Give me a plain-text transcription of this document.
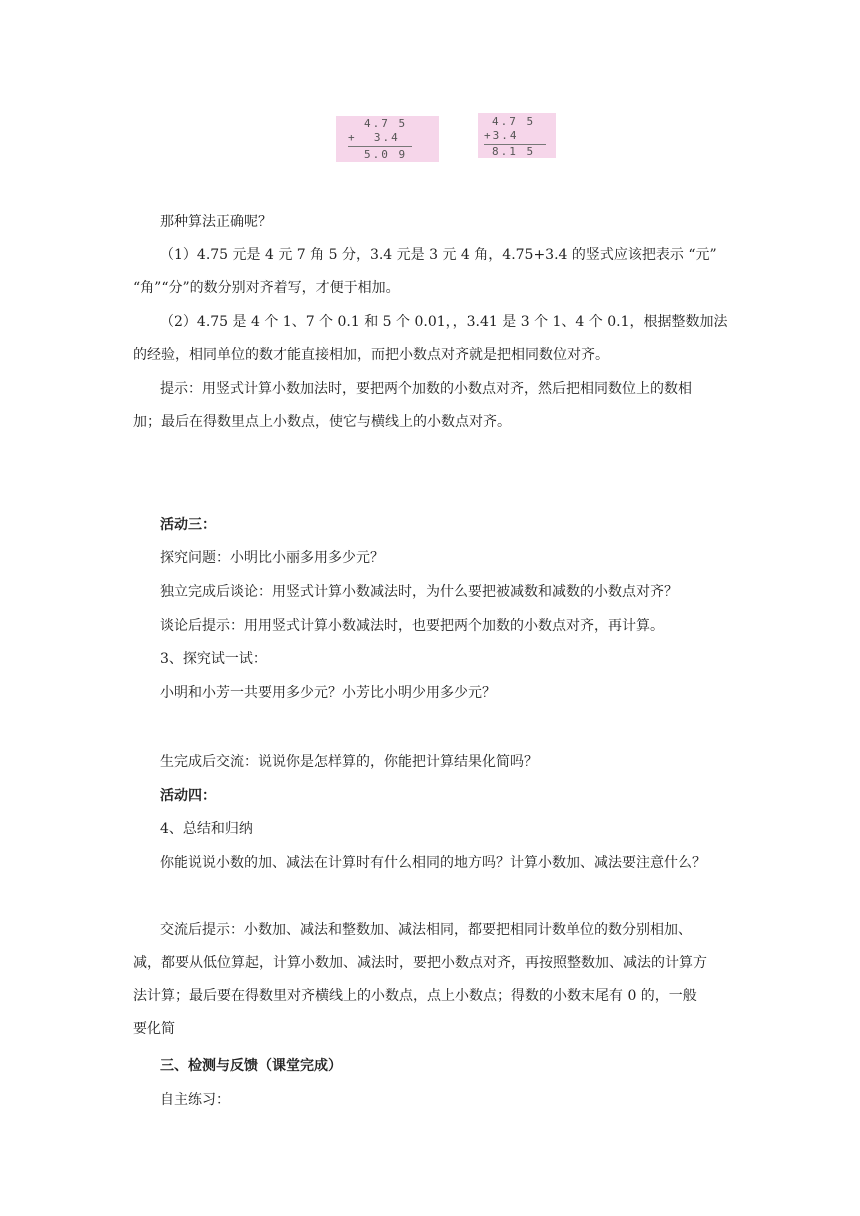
4.7 5
+  3.4
5.0 9
4.7 5
+3.4
8.1 5
那种算法正确呢？
（1）4.75 元是 4 元 7 角 5 分，3.4 元是 3 元 4 角，4.75+3.4 的竖式应该把表示 “元”
“角”“分”的数分别对齐着写，才便于相加。
（2）4.75 是 4 个 1、7 个 0.1 和 5 个 0.01，，3.41 是 3 个 1、4 个 0.1，根据整数加法
的经验，相同单位的数才能直接相加，而把小数点对齐就是把相同数位对齐。
提示：用竖式计算小数加法时，要把两个加数的小数点对齐，然后把相同数位上的数相
加；最后在得数里点上小数点，使它与横线上的小数点对齐。
活动三：
探究问题：小明比小丽多用多少元？
独立完成后谈论：用竖式计算小数减法时，为什么要把被减数和减数的小数点对齐？
谈论后提示：用用竖式计算小数减法时，也要把两个加数的小数点对齐，再计算。
3、探究试一试：
小明和小芳一共要用多少元？小芳比小明少用多少元？
生完成后交流：说说你是怎样算的，你能把计算结果化简吗？
活动四：
4、总结和归纳
你能说说小数的加、减法在计算时有什么相同的地方吗？计算小数加、减法要注意什么？
交流后提示：小数加、减法和整数加、减法相同，都要把相同计数单位的数分别相加、减，都要从低位算起，计算小数加、减法时，要把小数点对齐，再按照整数加、减法的计算方法计算；最后要在得数里对齐横线上的小数点，点上小数点；得数的小数末尾有 0 的，一般要化简
三、检测与反馈（课堂完成）
自主练习：
